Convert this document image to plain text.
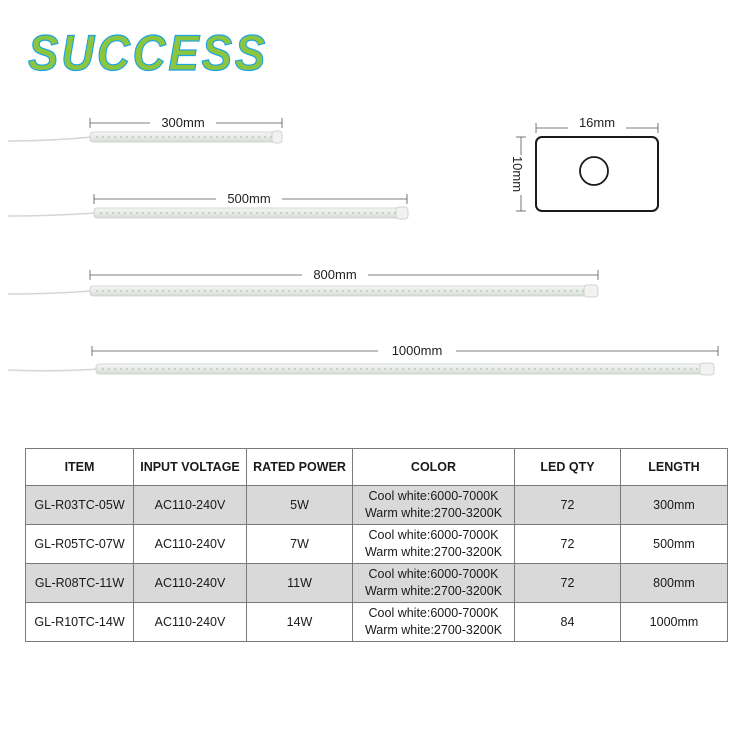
SUCCESS
300mm
500mm
800mm
1000mm
16mm
10mm
ITEM	INPUT VOLTAGE	RATED POWER	COLOR	LED QTY	LENGTH
GL-R03TC-05W	AC110-240V	5W	Cool white:6000-7000K
Warm white:2700-3200K	72	300mm
GL-R05TC-07W	AC110-240V	7W	Cool white:6000-7000K
Warm white:2700-3200K	72	500mm
GL-R08TC-11W	AC110-240V	11W	Cool white:6000-7000K
Warm white:2700-3200K	72	800mm
GL-R10TC-14W	AC110-240V	14W	Cool white:6000-7000K
Warm white:2700-3200K	84	1000mm
